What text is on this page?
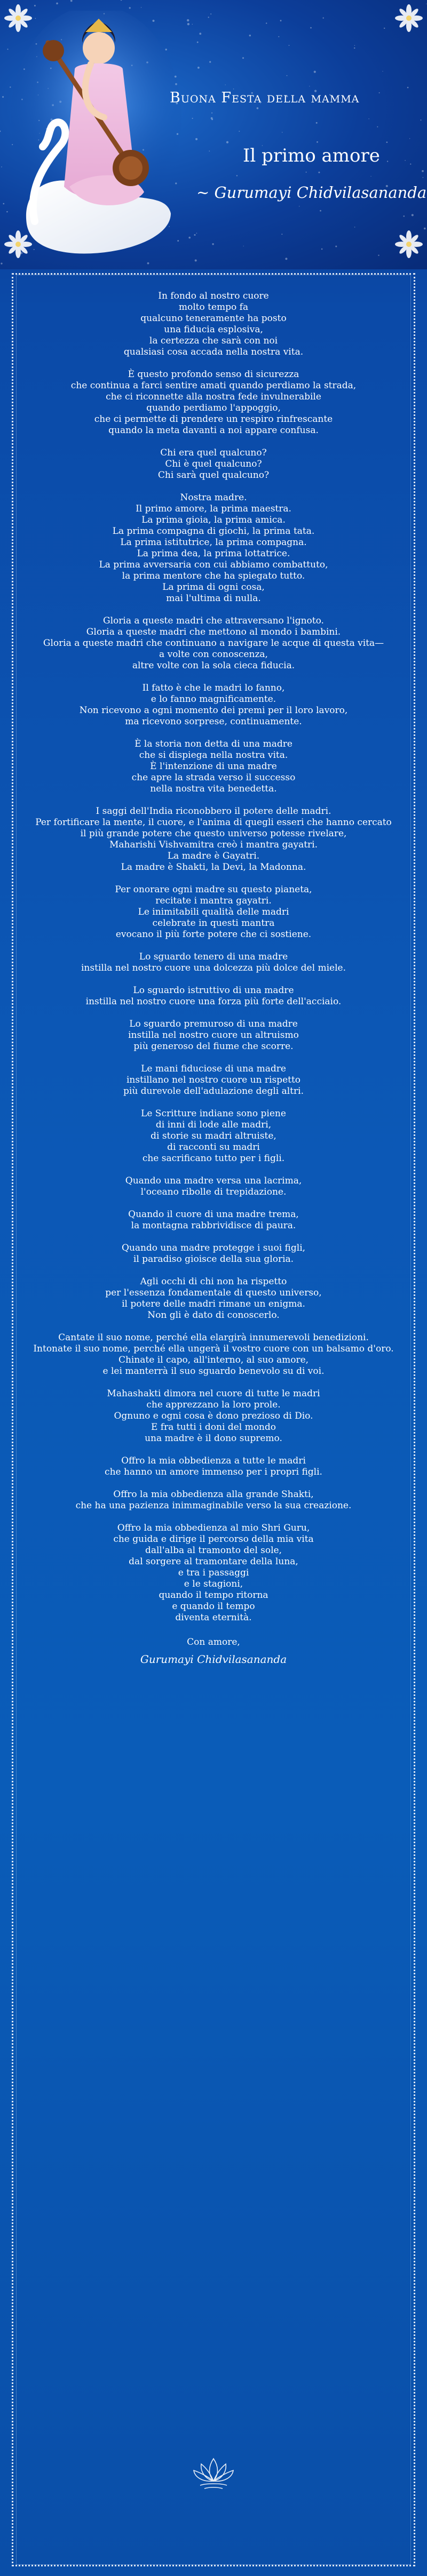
Buona Festa della mamma
Il primo amore
~ Gurumayi Chidvilasananda
In fondo al nostro cuore
molto tempo fa
qualcuno teneramente ha posto
una fiducia esplosiva,
la certezza che sarà con noi
qualsiasi cosa accada nella nostra vita.
È questo profondo senso di sicurezza
che continua a farci sentire amati quando perdiamo la strada,
che ci riconnette alla nostra fede invulnerabile
quando perdiamo l'appoggio,
che ci permette di prendere un respiro rinfrescante
quando la meta davanti a noi appare confusa.
Chi era quel qualcuno?
Chi è quel qualcuno?
Chi sarà quel qualcuno?
Nostra madre.
Il primo amore, la prima maestra.
La prima gioia, la prima amica.
La prima compagna di giochi, la prima tata.
La prima istitutrice, la prima compagna.
La prima dea, la prima lottatrice.
La prima avversaria con cui abbiamo combattuto,
la prima mentore che ha spiegato tutto.
La prima di ogni cosa,
mai l'ultima di nulla.
Gloria a queste madri che attraversano l'ignoto.
Gloria a queste madri che mettono al mondo i bambini.
Gloria a queste madri che continuano a navigare le acque di questa vita—
a volte con conoscenza,
altre volte con la sola cieca fiducia.
Il fatto è che le madri lo fanno,
e lo fanno magnificamente.
Non ricevono a ogni momento dei premi per il loro lavoro,
ma ricevono sorprese, continuamente.
È la storia non detta di una madre
che si dispiega nella nostra vita.
È l'intenzione di una madre
che apre la strada verso il successo
nella nostra vita benedetta.
I saggi dell'India riconobbero il potere delle madri.
Per fortificare la mente, il cuore, e l'anima di quegli esseri che hanno cercato
il più grande potere che questo universo potesse rivelare,
Maharishi Vishvamitra creò i mantra gayatri.
La madre è Gayatri.
La madre è Shakti, la Devi, la Madonna.
Per onorare ogni madre su questo pianeta,
recitate i mantra gayatri.
Le inimitabili qualità delle madri
celebrate in questi mantra
evocano il più forte potere che ci sostiene.
Lo sguardo tenero di una madre
instilla nel nostro cuore una dolcezza più dolce del miele.
Lo sguardo istruttivo di una madre
instilla nel nostro cuore una forza più forte dell'acciaio.
Lo sguardo premuroso di una madre
instilla nel nostro cuore un altruismo
più generoso del fiume che scorre.
Le mani fiduciose di una madre
instillano nel nostro cuore un rispetto
più durevole dell'adulazione degli altri.
Le Scritture indiane sono piene
di inni di lode alle madri,
di storie su madri altruiste,
di racconti su madri
che sacrificano tutto per i figli.
Quando una madre versa una lacrima,
l'oceano ribolle di trepidazione.
Quando il cuore di una madre trema,
la montagna rabbrividisce di paura.
Quando una madre protegge i suoi figli,
il paradiso gioisce della sua gloria.
Agli occhi di chi non ha rispetto
per l'essenza fondamentale di questo universo,
il potere delle madri rimane un enigma.
Non gli è dato di conoscerlo.
Cantate il suo nome, perché ella elargirà innumerevoli benedizioni.
Intonate il suo nome, perché ella ungerà il vostro cuore con un balsamo d'oro.
Chinate il capo, all'interno, al suo amore,
e lei manterrà il suo sguardo benevolo su di voi.
Mahashakti dimora nel cuore di tutte le madri
che apprezzano la loro prole.
Ognuno e ogni cosa è dono prezioso di Dio.
E fra tutti i doni del mondo
una madre è il dono supremo.
Offro la mia obbedienza a tutte le madri
che hanno un amore immenso per i propri figli.
Offro la mia obbedienza alla grande Shakti,
che ha una pazienza inimmaginabile verso la sua creazione.
Offro la mia obbedienza al mio Shri Guru,
che guida e dirige il percorso della mia vita
dall'alba al tramonto del sole,
dal sorgere al tramontare della luna,
e tra i passaggi
e le stagioni,
quando il tempo ritorna
e quando il tempo
diventa eternità.
Con amore,
Gurumayi Chidvilasananda
